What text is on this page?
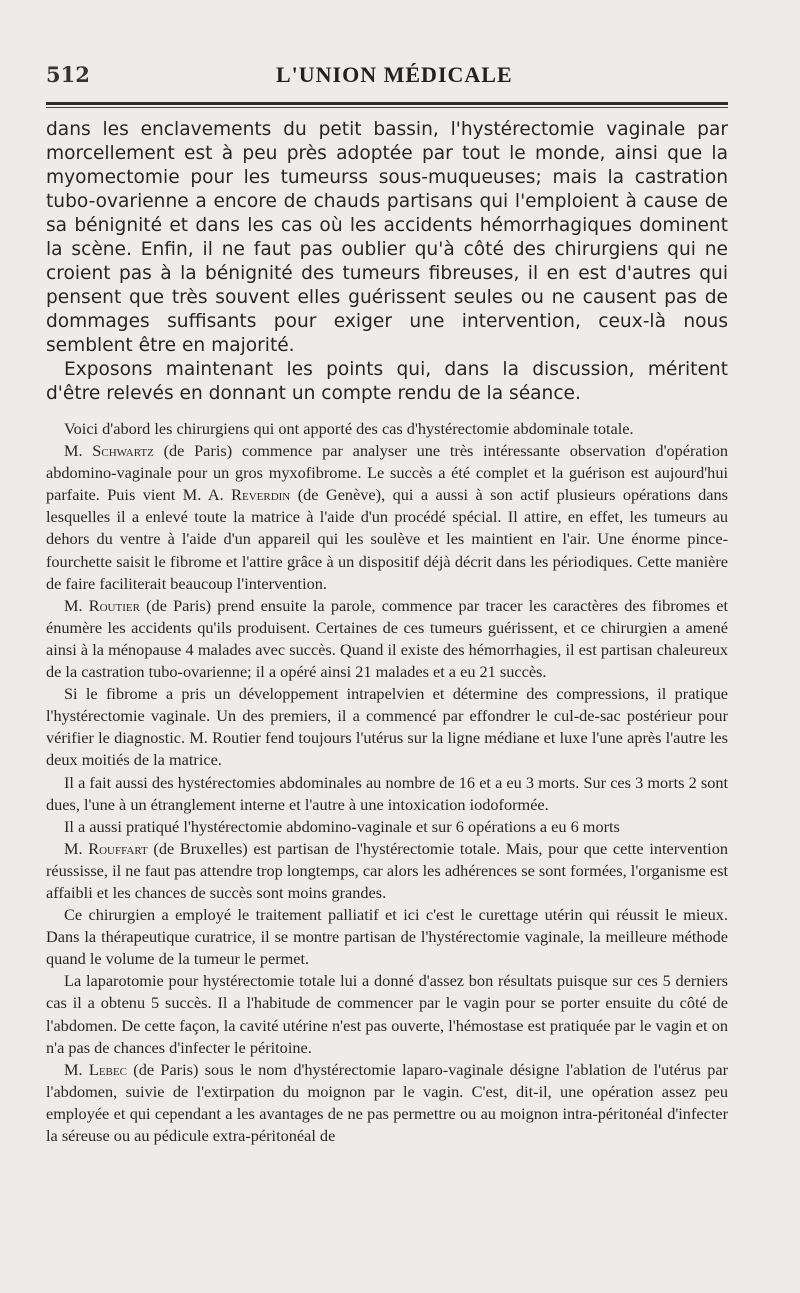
512	L'UNION MÉDICALE

dans les enclavements du petit bassin, l'hystérectomie vaginale par morcellement est à peu près adoptée par tout le monde, ainsi que la myomectomie pour les tumeurss sous-muqueuses; mais la castration tubo-ovarienne a encore de chauds partisans qui l'emploient à cause de sa bénignité et dans les cas où les accidents hémorrhagiques dominent la scène. Enfin, il ne faut pas oublier qu'à côté des chirurgiens qui ne croient pas à la bénignité des tumeurs fibreuses, il en est d'autres qui pensent que très souvent elles guérissent seules ou ne causent pas de dommages suffisants pour exiger une intervention, ceux-là nous semblent être en majorité.

Exposons maintenant les points qui, dans la discussion, méritent d'être relevés en donnant un compte rendu de la séance.

Voici d'abord les chirurgiens qui ont apporté des cas d'hystérectomie abdominale totale.

M. Schwartz (de Paris) commence par analyser une très intéressante observation d'opération abdomino-vaginale pour un gros myxofibrome. Le succès a été complet et la guérison est aujourd'hui parfaite. Puis vient M. A. Reverdin (de Genève), qui a aussi à son actif plusieurs opérations dans lesquelles il a enlevé toute la matrice à l'aide d'un procédé spécial. Il attire, en effet, les tumeurs au dehors du ventre à l'aide d'un appareil qui les soulève et les maintient en l'air. Une énorme pince-fourchette saisit le fibrome et l'attire grâce à un dispositif déjà décrit dans les périodiques. Cette manière de faire faciliterait beaucoup l'intervention.

M. Routier (de Paris) prend ensuite la parole, commence par tracer les caractères des fibromes et énumère les accidents qu'ils produisent. Certaines de ces tumeurs guérissent, et ce chirurgien a amené ainsi à la ménopause 4 malades avec succès. Quand il existe des hémorrhagies, il est partisan chaleureux de la castration tubo-ovarienne; il a opéré ainsi 21 malades et a eu 21 succès.

Si le fibrome a pris un développement intrapelvien et détermine des compressions, il pratique l'hystérectomie vaginale. Un des premiers, il a commencé par effondrer le cul-de-sac postérieur pour vérifier le diagnostic. M. Routier fend toujours l'utérus sur la ligne médiane et luxe l'une après l'autre les deux moitiés de la matrice.

Il a fait aussi des hystérectomies abdominales au nombre de 16 et a eu 3 morts. Sur ces 3 morts 2 sont dues, l'une à un étranglement interne et l'autre à une intoxication iodoformée.

Il a aussi pratiqué l'hystérectomie abdomino-vaginale et sur 6 opérations a eu 6 morts

M. Rouffart (de Bruxelles) est partisan de l'hystérectomie totale. Mais, pour que cette intervention réussisse, il ne faut pas attendre trop longtemps, car alors les adhérences se sont formées, l'organisme est affaibli et les chances de succès sont moins grandes.

Ce chirurgien a employé le traitement palliatif et ici c'est le curettage utérin qui réussit le mieux. Dans la thérapeutique curatrice, il se montre partisan de l'hystérectomie vaginale, la meilleure méthode quand le volume de la tumeur le permet.

La laparotomie pour hystérectomie totale lui a donné d'assez bon résultats puisque sur ces 5 derniers cas il a obtenu 5 succès. Il a l'habitude de commencer par le vagin pour se porter ensuite du côté de l'abdomen. De cette façon, la cavité utérine n'est pas ouverte, l'hémostase est pratiquée par le vagin et on n'a pas de chances d'infecter le péritoine.

M. Lebec (de Paris) sous le nom d'hystérectomie laparo-vaginale désigne l'ablation de l'utérus par l'abdomen, suivie de l'extirpation du moignon par le vagin. C'est, dit-il, une opération assez peu employée et qui cependant a les avantages de ne pas permettre ou au moignon intra-péritonéal d'infecter la séreuse ou au pédicule extra-péritonéal de
